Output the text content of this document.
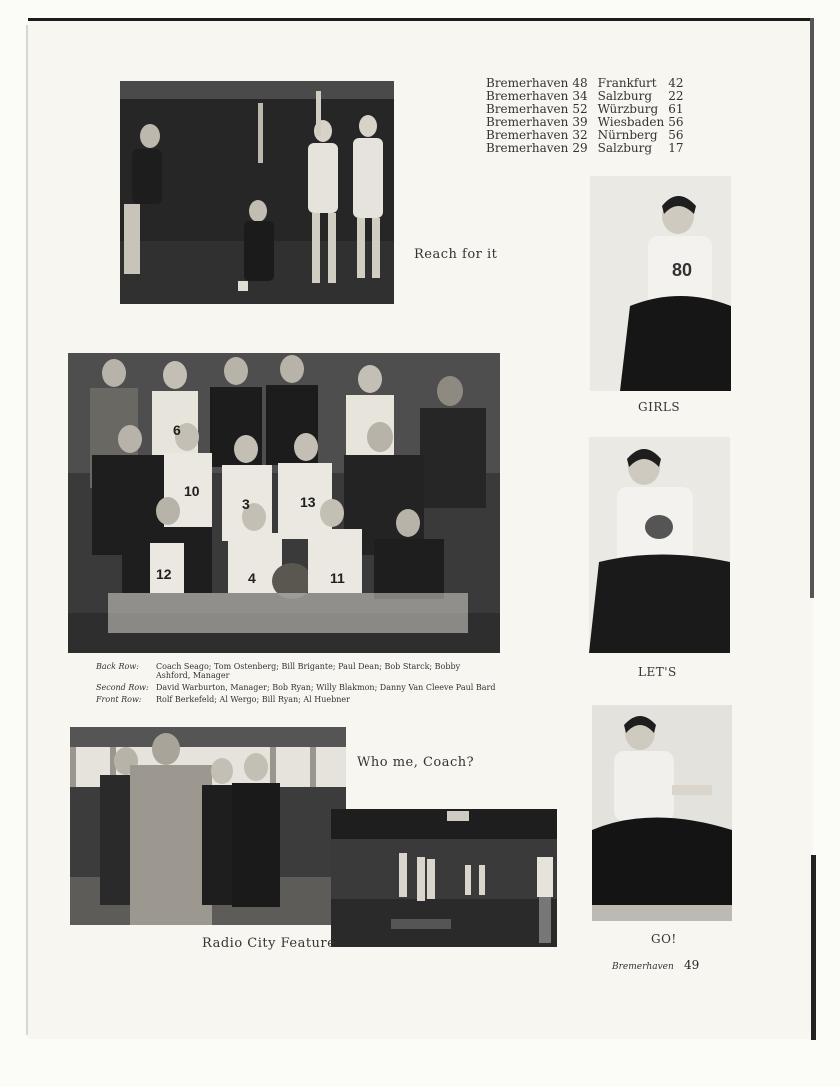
Reach for it
Bremerhaven	48	Frankfurt	42
Bremerhaven	34	Salzburg	22
Bremerhaven	52	Würzburg	61
Bremerhaven	39	Wiesbaden	56
Bremerhaven	32	Nürnberg	56
Bremerhaven	29	Salzburg	17
80
GIRLS
LET'S
GO!
6
10
3	13
12	4	11
Back Row:	Coach Seago; Tom Ostenberg; Bill Brigante; Paul Dean; Bob Starck; Bobby Ashford, Manager
Second Row: David Warburton, Manager; Bob Ryan; Willy Blakmon; Danny Van Cleeve Paul Bard
Front Row:	Rolf Berkefeld; Al Wergo; Bill Ryan; Al Huebner
Who me, Coach?
Radio City Feature
Bremerhaven 49
